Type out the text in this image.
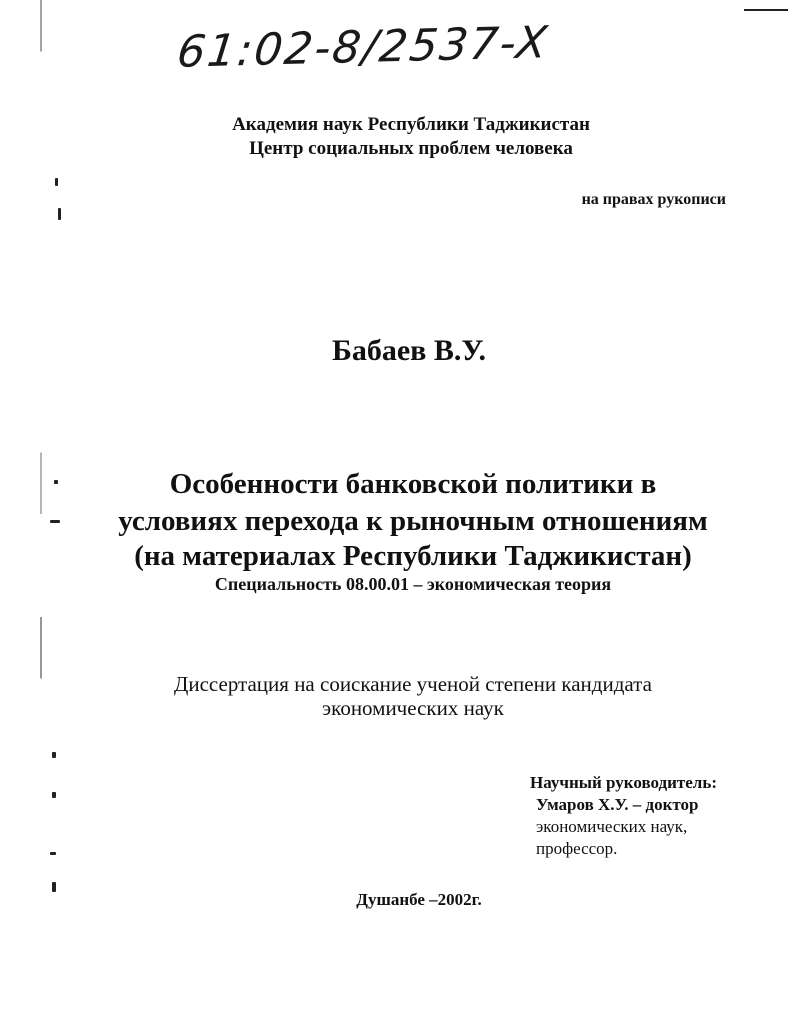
61:02-8/2537-X
Академия наук Республики Таджикистан
Центр социальных проблем человека
на правах рукописи
Бабаев В.У.
Особенности банковской политики в
условиях перехода к рыночным отношениям
(на материалах Республики Таджикистан)
Специальность 08.00.01 – экономическая теория
Диссертация на соискание ученой степени кандидата
экономических наук
Научный руководитель:
Умаров Х.У. – доктор
экономических наук,
профессор.
Душанбе –2002г.
